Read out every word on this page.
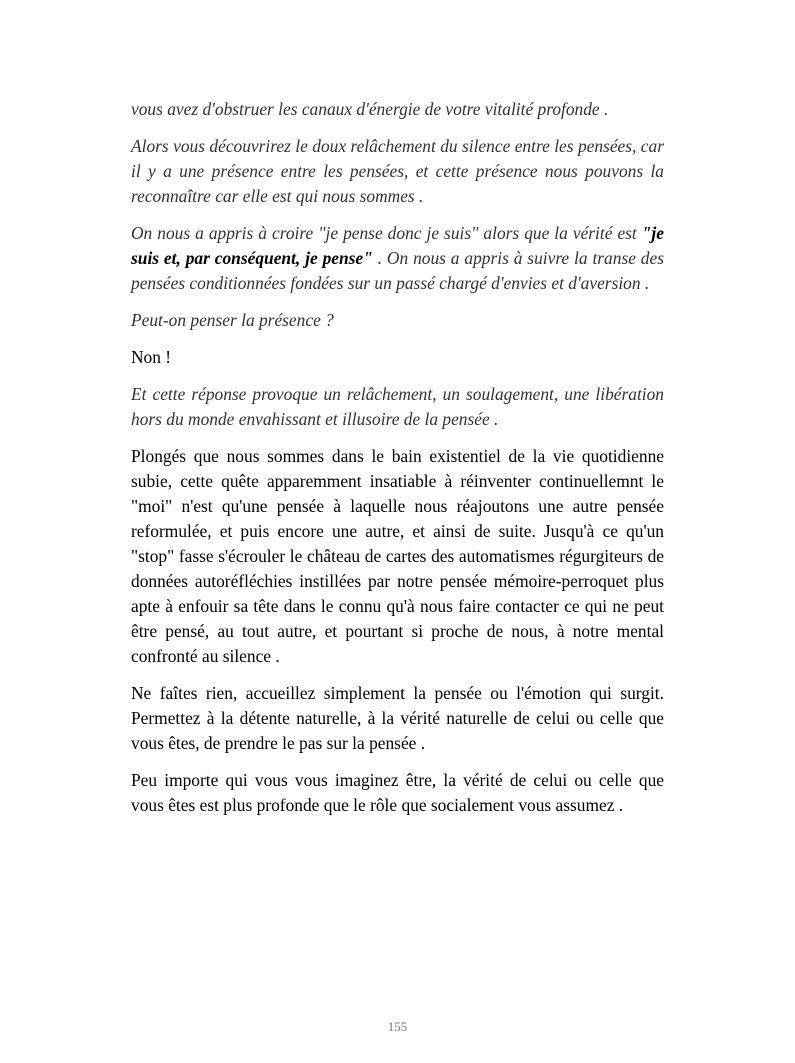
vous avez d'obstruer les canaux d'énergie de votre vitalité profonde .

Alors vous découvrirez le doux relâchement du silence entre les pensées, car il y a une présence entre les pensées, et cette présence nous pouvons la reconnaître car elle est qui nous sommes .

On nous a appris à croire "je pense donc je suis" alors que la vérité est "je suis et, par conséquent, je pense" . On nous a appris à suivre la transe des pensées conditionnées fondées sur un passé chargé d'envies et d'aversion .

Peut-on penser la présence ?

Non !

Et cette réponse provoque un relâchement, un soulagement, une libération hors du monde envahissant et illusoire de la pensée .

Plongés que nous sommes dans le bain existentiel de la vie quotidienne subie, cette quête apparemment insatiable à réinventer continuellemnt le "moi" n'est qu'une pensée à laquelle nous réajoutons une autre pensée reformulée, et puis encore une autre, et ainsi de suite. Jusqu'à ce qu'un "stop" fasse s'écrouler le château de cartes des automatismes régurgiteurs de données autoréfléchies instillées par notre pensée mémoire-perroquet plus apte à enfouir sa tête dans le connu qu'à nous faire contacter ce qui ne peut être pensé, au tout autre, et pourtant si proche de nous, à notre mental confronté au silence .

Ne faîtes rien, accueillez simplement la pensée ou l'émotion qui surgit. Permettez à la détente naturelle, à la vérité naturelle de celui ou celle que vous êtes, de prendre le pas sur la pensée .

Peu importe qui vous vous imaginez être, la vérité de celui ou celle que vous êtes est plus profonde que le rôle que socialement vous assumez .

155
